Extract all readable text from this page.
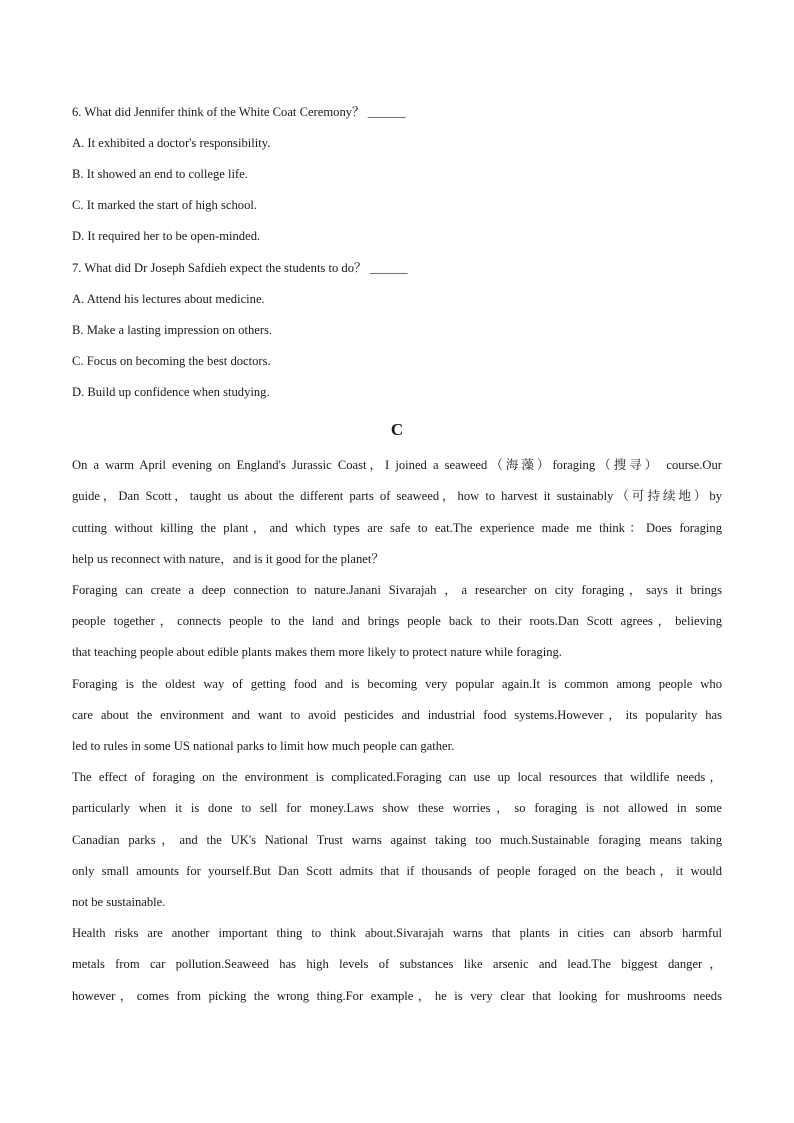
6. What did Jennifer think of the White Coat Ceremony？ ______
A. It exhibited a doctor's responsibility.
B. It showed an end to college life.
C. It marked the start of high school.
D. It required her to be open-minded.
7. What did Dr Joseph Safdieh expect the students to do？ ______
A. Attend his lectures about medicine.
B. Make a lasting impression on others.
C. Focus on becoming the best doctors.
D. Build up confidence when studying.
C
On a warm April evening on England's Jurassic Coast，I joined a seaweed（海藻）foraging（搜寻） course.Our
guide，Dan Scott，taught us about the different parts of seaweed，how to harvest it sustainably（可持续地）by
cutting without killing the plant，and which types are safe to eat.The experience made me think：Does foraging
help us reconnect with nature，and is it good for the planet？
Foraging can create a deep connection to nature.Janani Sivarajah ，a researcher on city foraging，says it brings
people together，connects people to the land and brings people back to their roots.Dan Scott agrees，believing
that teaching people about edible plants makes them more likely to protect nature while foraging.
Foraging is the oldest way of getting food and is becoming very popular again.It is common among people who
care about the environment and want to avoid pesticides and industrial food systems.However，its popularity has
led to rules in some US national parks to limit how much people can gather.
The effect of foraging on the environment is complicated.Foraging can use up local resources that wildlife needs，
particularly when it is done to sell for money.Laws show these worries，so foraging is not allowed in some
Canadian parks，and the UK's National Trust warns against taking too much.Sustainable foraging means taking
only small amounts for yourself.But Dan Scott admits that if thousands of people foraged on the beach，it would
not be sustainable.
Health risks are another important thing to think about.Sivarajah warns that plants in cities can absorb harmful
metals from car pollution.Seaweed has high levels of substances like arsenic and lead.The biggest danger，
however，comes from picking the wrong thing.For example，he is very clear that looking for mushrooms needs
